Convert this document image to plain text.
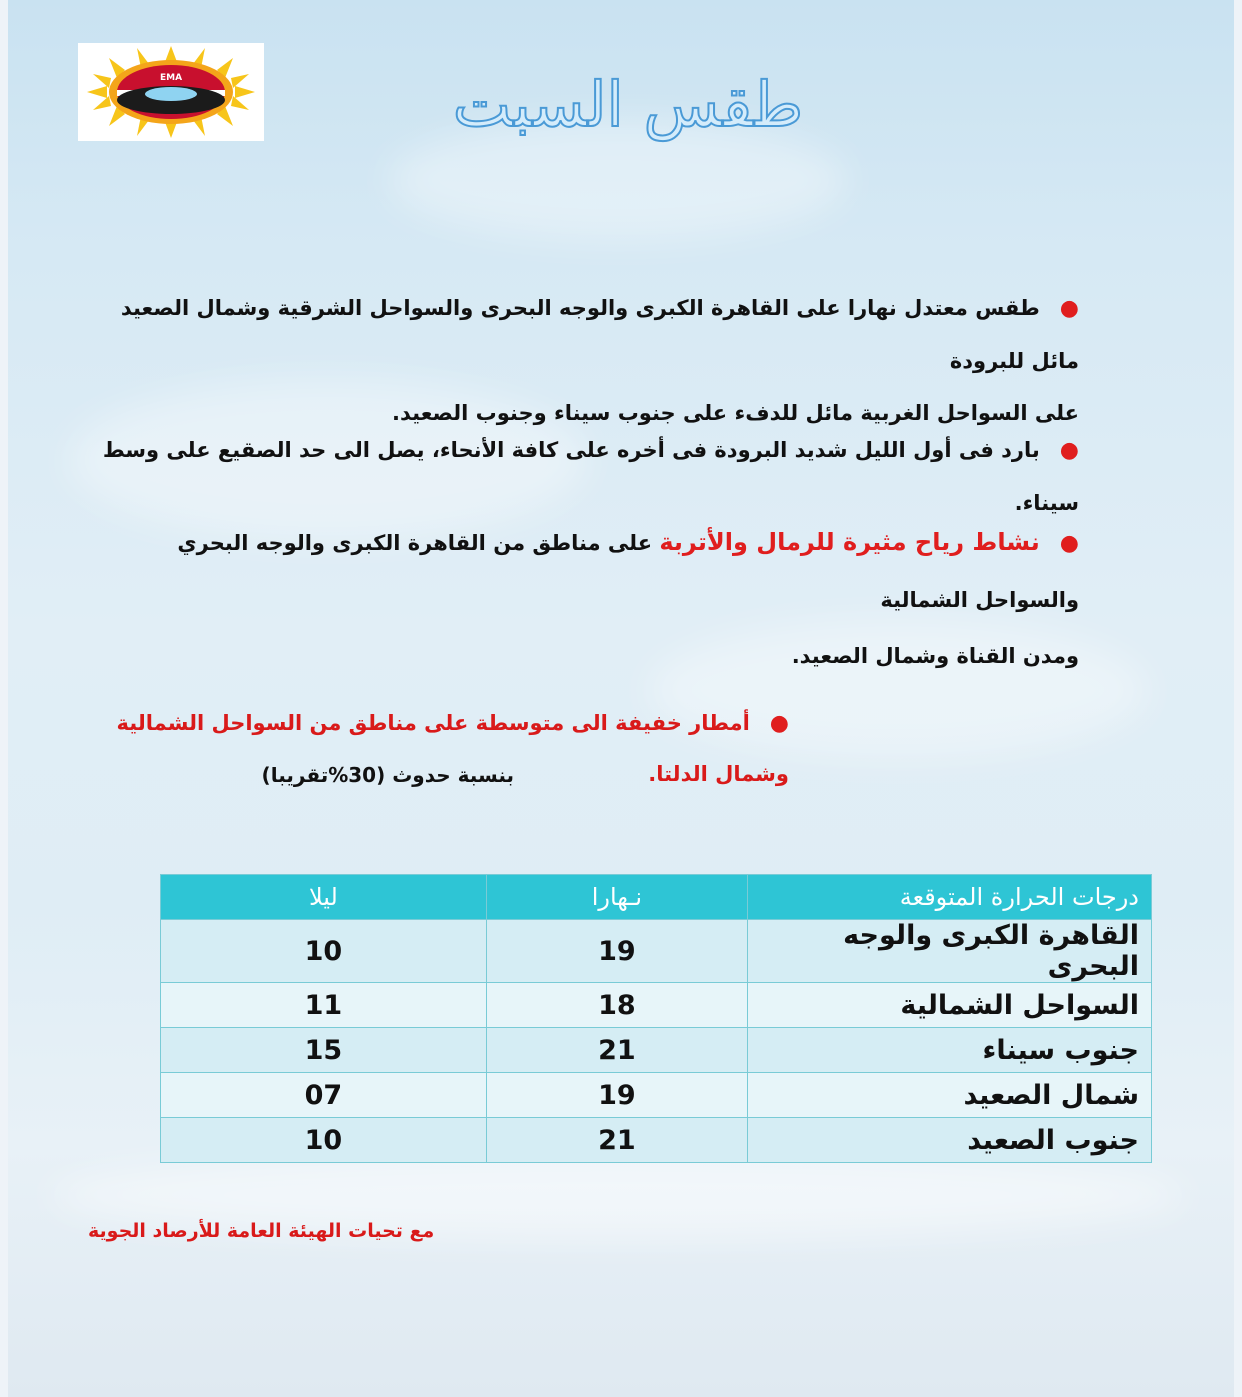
EMA	طقس السبت
●طقس معتدل نهارا على القاهرة الكبرى والوجه البحرى والسواحل الشرقية وشمال الصعيد مائل للبرودة
على السواحل الغربية مائل للدفء على جنوب سيناء وجنوب الصعيد.
●بارد فى أول الليل شديد البرودة فى أخره على كافة الأنحاء، يصل الى حد الصقيع على وسط سيناء.
●نشاط رياح مثيرة للرمال والأتربة على مناطق من القاهرة الكبرى والوجه البحري والسواحل الشمالية
ومدن القناة وشمال الصعيد.
●أمطار خفيفة الى متوسطة على مناطق من السواحل الشمالية وشمال الدلتا.
بنسبة حدوث (30%تقريبا)
درجات الحرارة المتوقعة	نـهارا	ليلا
القاهرة الكبرى والوجه البحرى	19	10
السواحل الشمالية	18	11
جنوب سيناء	21	15
شمال الصعيد	19	07
جنوب الصعيد	21	10
مع تحيات الهيئة العامة للأرصاد الجوية
